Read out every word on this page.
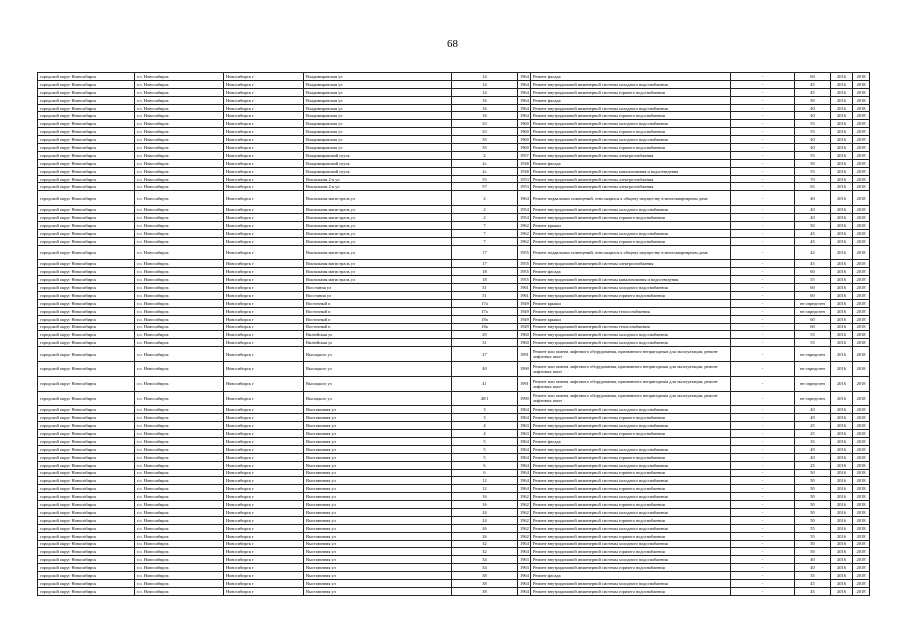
68
городской округ Новосибирск	г.о. Новосибирск	Новосибирск г	Владимировская ул	14	1964	Ремонт фасада	-	60	2016	2018
городской округ Новосибирск	г.о. Новосибирск	Новосибирск г	Владимировская ул	14	1964	Ремонт внутридомовой инженерной системы холодного водоснабжения	-	45	2016	2018
городской округ Новосибирск	г.о. Новосибирск	Новосибирск г	Владимировская ул	14	1964	Ремонт внутридомовой инженерной системы горячего водоснабжения	-	45	2016	2018
городской округ Новосибирск	г.о. Новосибирск	Новосибирск г	Владимировская ул	16	1964	Ремонт фасада	-	50	2016	2018
городской округ Новосибирск	г.о. Новосибирск	Новосибирск г	Владимировская ул	16	1964	Ремонт внутридомовой инженерной системы холодного водоснабжения	-	40	2016	2018
городской округ Новосибирск	г.о. Новосибирск	Новосибирск г	Владимировская ул	16	1964	Ремонт внутридомовой инженерной системы горячего водоснабжения	-	40	2016	2018
городской округ Новосибирск	г.о. Новосибирск	Новосибирск г	Владимировская ул	33	1960	Ремонт внутридомовой инженерной системы холодного водоснабжения	-	55	2016	2018
городской округ Новосибирск	г.о. Новосибирск	Новосибирск г	Владимировская ул	33	1960	Ремонт внутридомовой инженерной системы горячего водоснабжения	-	55	2016	2018
городской округ Новосибирск	г.о. Новосибирск	Новосибирск г	Владимировская ул	35	1960	Ремонт внутридомовой инженерной системы холодного водоснабжения	-	40	2016	2018
городской округ Новосибирск	г.о. Новосибирск	Новосибирск г	Владимировская ул	35	1960	Ремонт внутридомовой инженерной системы горячего водоснабжения	-	40	2016	2018
городской округ Новосибирск	г.о. Новосибирск	Новосибирск г	Владимировский спуск	2	1957	Ремонт внутридомовой инженерной системы электроснабжения	-	55	2016	2018
городской округ Новосибирск	г.о. Новосибирск	Новосибирск г	Владимировский спуск	2с	1938	Ремонт фасада	-	50	2016	2018
городской округ Новосибирск	г.о. Новосибирск	Новосибирск г	Владимировский спуск	2с	1938	Ремонт внутридомовой инженерной системы канализования и водоотведения	-	55	2016	2018
городской округ Новосибирск	г.о. Новосибирск	Новосибирск г	Вокзальная 2-я ул	55	1953	Ремонт внутридомовой инженерной системы электроснабжения	-	70	2016	2018
городской округ Новосибирск	г.о. Новосибирск	Новосибирск г	Вокзальная 2-я ул	57	1953	Ремонт внутридомовой инженерной системы электроснабжения	-	65	2016	2018
городской округ Новосибирск	г.о. Новосибирск	Новосибирск г	Вокзальная магистраль ул	2	1964	Ремонт подвальных помещений, относящихся к общему имуществу в многоквартирном доме	-	40	2016	2018
городской округ Новосибирск	г.о. Новосибирск	Новосибирск г	Вокзальная магистраль ул	2	1954	Ремонт внутридомовой инженерной системы холодного водоснабжения	-	40	2016	2018
городской округ Новосибирск	г.о. Новосибирск	Новосибирск г	Вокзальная магистраль ул	2	1954	Ремонт внутридомовой инженерной системы горячего водоснабжения	-	40	2016	2018
городской округ Новосибирск	г.о. Новосибирск	Новосибирск г	Вокзальная магистраль ул	7	1962	Ремонт крыши	-	50	2016	2018
городской округ Новосибирск	г.о. Новосибирск	Новосибирск г	Вокзальная магистраль ул	7	1962	Ремонт внутридомовой инженерной системы холодного водоснабжения	-	45	2016	2018
городской округ Новосибирск	г.о. Новосибирск	Новосибирск г	Вокзальная магистраль ул	7	1962	Ремонт внутридомовой инженерной системы горячего водоснабжения	-	45	2016	2018
городской округ Новосибирск	г.о. Новосибирск	Новосибирск г	Вокзальная магистраль ул	17	1955	Ремонт подвальных помещений, относящихся к общему имуществу в многоквартирном доме	-	42	2016	2018
городской округ Новосибирск	г.о. Новосибирск	Новосибирск г	Вокзальная магистраль ул	17	1955	Ремонт внутридомовой инженерной системы электроснабжения	-	45	2016	2018
городской округ Новосибирск	г.о. Новосибирск	Новосибирск г	Вокзальная магистраль ул	18	1955	Ремонт фасада	-	60	2016	2018
городской округ Новосибирск	г.о. Новосибирск	Новосибирск г	Вокзальная магистраль ул	18	1955	Ремонт внутридомовой инженерной системы канализования и водоотведения	-	55	2016	2018
городской округ Новосибирск	г.о. Новосибирск	Новосибирск г	Восстания ул	51	1961	Ремонт внутридомовой инженерной системы холодного водоснабжения	-	60	2016	2018
городской округ Новосибирск	г.о. Новосибирск	Новосибирск г	Восстания ул	51	1961	Ремонт внутридомовой инженерной системы горячего водоснабжения	-	60	2016	2018
городской округ Новосибирск	г.о. Новосибирск	Новосибирск г	Восточный п	17а	1949	Ремонт крыши	-	не определен	2016	2018
городской округ Новосибирск	г.о. Новосибирск	Новосибирск г	Восточный п	17а	1949	Ремонт внутридомовой инженерной системы теплоснабжения	-	не определен	2016	2018
городской округ Новосибирск	г.о. Новосибирск	Новосибирск г	Восточный п	18а	1949	Ремонт крыши	-	60	2016	2018
городской округ Новосибирск	г.о. Новосибирск	Новосибирск г	Восточный п	18а	1949	Ремонт внутридомовой инженерной системы теплоснабжения	-	60	2016	2018
городской округ Новосибирск	г.о. Новосибирск	Новосибирск г	Вилюйская ул	29	1960	Ремонт внутридомовой инженерной системы холодного водоснабжения	-	55	2016	2018
городской округ Новосибирск	г.о. Новосибирск	Новосибирск г	Вилюйская ул	31	1960	Ремонт внутридомовой инженерной системы холодного водоснабжения	-	55	2016	2018
городской округ Новосибирск	г.о. Новосибирск	Новосибирск г	Высоцкого ул	27	1991	Ремонт или замена лифтового оборудования, признанного непригодным для эксплуатации, ремонт лифтовых шахт	-	не определен	2016	2018
городской округ Новосибирск	г.о. Новосибирск	Новосибирск г	Высоцкого ул	40	1990	Ремонт или замена лифтового оборудования, признанного непригодным для эксплуатации, ремонт лифтовых шахт	-	не определен	2016	2018
городской округ Новосибирск	г.о. Новосибирск	Новосибирск г	Высоцкого ул	41	1991	Ремонт или замена лифтового оборудования, признанного непригодным для эксплуатации, ремонт лифтовых шахт	-	не определен	2016	2018
городской округ Новосибирск	г.о. Новосибирск	Новосибирск г	Высоцкого ул	40/1	1990	Ремонт или замена лифтового оборудования, признанного непригодным для эксплуатации, ремонт лифтовых шахт	-	не определен	2016	2018
городской округ Новосибирск	г.о. Новосибирск	Новосибирск г	Выставочная ул	3	1964	Ремонт внутридомовой инженерной системы холодного водоснабжения	-	40	2016	2018
городской округ Новосибирск	г.о. Новосибирск	Новосибирск г	Выставочная ул	3	1964	Ремонт внутридомовой инженерной системы горячего водоснабжения	-	49	2016	2018
городской округ Новосибирск	г.о. Новосибирск	Новосибирск г	Выставочная ул	4	1963	Ремонт внутридомовой инженерной системы холодного водоснабжения	-	25	2016	2018
городской округ Новосибирск	г.о. Новосибирск	Новосибирск г	Выставочная ул	4	1963	Ремонт внутридомовой инженерной системы горячего водоснабжения	-	25	2016	2018
городской округ Новосибирск	г.о. Новосибирск	Новосибирск г	Выставочная ул	5	1964	Ремонт фасада	-	35	2016	2018
городской округ Новосибирск	г.о. Новосибирск	Новосибирск г	Выставочная ул	5	1964	Ремонт внутридомовой инженерной системы холодного водоснабжения	-	49	2016	2018
городской округ Новосибирск	г.о. Новосибирск	Новосибирск г	Выставочная ул	5	1964	Ремонт внутридомовой инженерной системы горячего водоснабжения	-	40	2016	2018
городской округ Новосибирск	г.о. Новосибирск	Новосибирск г	Выставочная ул	6	1964	Ремонт внутридомовой инженерной системы холодного водоснабжения	-	25	2016	2018
городской округ Новосибирск	г.о. Новосибирск	Новосибирск г	Выставочная ул	6	1964	Ремонт внутридомовой инженерной системы горячего водоснабжения	-	50	2016	2018
городской округ Новосибирск	г.о. Новосибирск	Новосибирск г	Выставочная ул	12	1964	Ремонт внутридомовой инженерной системы холодного водоснабжения	-	50	2016	2018
городской округ Новосибирск	г.о. Новосибирск	Новосибирск г	Выставочная ул	12	1964	Ремонт внутридомовой инженерной системы горячего водоснабжения	-	50	2016	2018
городской округ Новосибирск	г.о. Новосибирск	Новосибирск г	Выставочная ул	16	1962	Ремонт внутридомовой инженерной системы холодного водоснабжения	-	50	2016	2018
городской округ Новосибирск	г.о. Новосибирск	Новосибирск г	Выставочная ул	16	1962	Ремонт внутридомовой инженерной системы горячего водоснабжения	-	50	2016	2018
городской округ Новосибирск	г.о. Новосибирск	Новосибирск г	Выставочная ул	24	1962	Ремонт внутридомовой инженерной системы холодного водоснабжения	-	50	2016	2018
городской округ Новосибирск	г.о. Новосибирск	Новосибирск г	Выставочная ул	24	1962	Ремонт внутридомовой инженерной системы горячего водоснабжения	-	50	2016	2018
городской округ Новосибирск	г.о. Новосибирск	Новосибирск г	Выставочная ул	26	1962	Ремонт внутридомовой инженерной системы холодного водоснабжения	-	55	2016	2018
городской округ Новосибирск	г.о. Новосибирск	Новосибирск г	Выставочная ул	26	1962	Ремонт внутридомовой инженерной системы горячего водоснабжения	-	55	2016	2018
городской округ Новосибирск	г.о. Новосибирск	Новосибирск г	Выставочная ул	32	1964	Ремонт внутридомовой инженерной системы холодного водоснабжения	-	50	2016	2018
городской округ Новосибирск	г.о. Новосибирск	Новосибирск г	Выставочная ул	32	1964	Ремонт внутридомовой инженерной системы горячего водоснабжения	-	50	2016	2018
городской округ Новосибирск	г.о. Новосибирск	Новосибирск г	Выставочная ул	34	1963	Ремонт внутридомовой инженерной системы холодного водоснабжения	-	40	2016	2018
городской округ Новосибирск	г.о. Новосибирск	Новосибирск г	Выставочная ул	34	1963	Ремонт внутридомовой инженерной системы горячего водоснабжения	-	40	2016	2018
городской округ Новосибирск	г.о. Новосибирск	Новосибирск г	Выставочная ул	38	1964	Ремонт фасада	-	35	2016	2018
городской округ Новосибирск	г.о. Новосибирск	Новосибирск г	Выставочная ул	38	1964	Ремонт внутридомовой инженерной системы холодного водоснабжения	-	45	2016	2018
городской округ Новосибирск	г.о. Новосибирск	Новосибирск г	Выставочная ул	38	1964	Ремонт внутридомовой инженерной системы горячего водоснабжения	-	45	2016	2018
